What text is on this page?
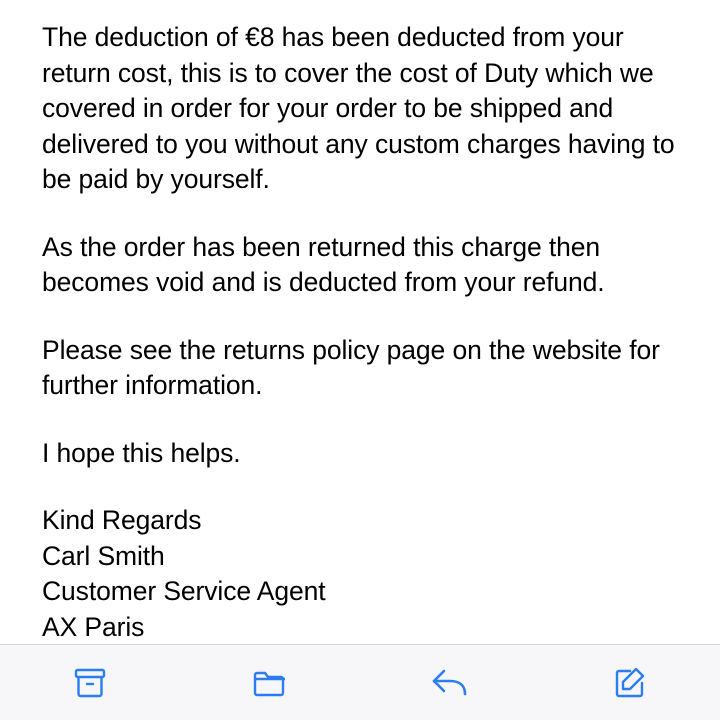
The deduction of €8 has been deducted from your return cost, this is to cover the cost of Duty which we covered in order for your order to be shipped and delivered to you without any custom charges having to be paid by yourself.

As the order has been returned this charge then becomes void and is deducted from your refund.

Please see the returns policy page on the website for further information.

I hope this helps.

Kind Regards
Carl Smith
Customer Service Agent
AX Paris
